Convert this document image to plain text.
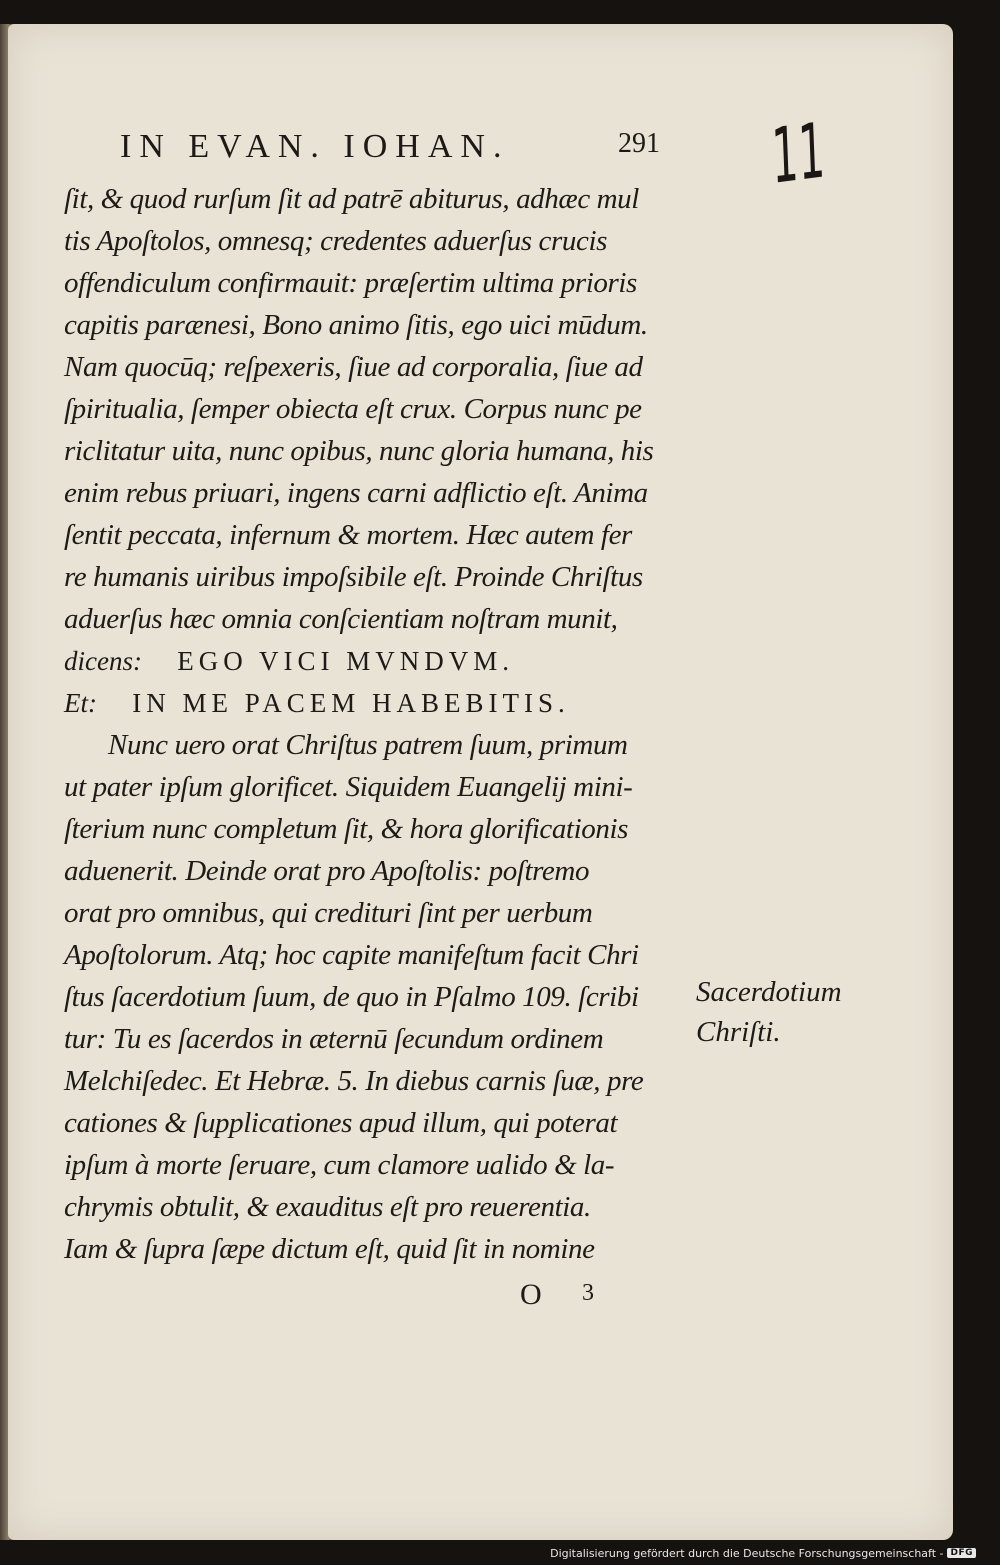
IN EVAN. IOHAN.	291 11
ſit, & quod rurſum ſit ad patrē abiturus, adhæc mul
tis Apoſtolos, omnesq; credentes aduerſus crucis
offendiculum confirmauit: præſertim ultima prioris
capitis parænesi, Bono animo ſitis, ego uici mūdum.
Nam quocūq; reſpexeris, ſiue ad corporalia, ſiue ad
ſpiritualia, ſemper obiecta eſt crux. Corpus nunc pe
riclitatur uita, nunc opibus, nunc gloria humana, his
enim rebus priuari, ingens carni adflictio eſt. Anima
ſentit peccata, infernum & mortem. Hæc autem fer
re humanis uiribus impoſsibile eſt. Proinde Chriſtus
aduerſus hæc omnia conſcientiam noſtram munit,
dicens: EGO VICI MVNDVM.
Et: IN ME PACEM HABEBITIS.
Nunc uero orat Chriſtus patrem ſuum, primum
ut pater ipſum glorificet. Siquidem Euangelij mini-
ſterium nunc completum ſit, & hora glorificationis
aduenerit. Deinde orat pro Apoſtolis: poſtremo
orat pro omnibus, qui credituri ſint per uerbum
Apoſtolorum. Atq; hoc capite manifeſtum facit Chri
ſtus ſacerdotium ſuum, de quo in Pſalmo 109. ſcribi
tur: Tu es ſacerdos in æternū ſecundum ordinem
Melchiſedec. Et Hebræ. 5. In diebus carnis ſuæ, pre
cationes & ſupplicationes apud illum, qui poterat
ipſum à morte ſeruare, cum clamore ualido & la-
chrymis obtulit, & exauditus eſt pro reuerentia.
Iam & ſupra ſæpe dictum eſt, quid ſit in nomine
Sacerdotium
Chriſti.
O 3
Digitalisierung gefördert durch die Deutsche Forschungsgemeinschaft - DFG
